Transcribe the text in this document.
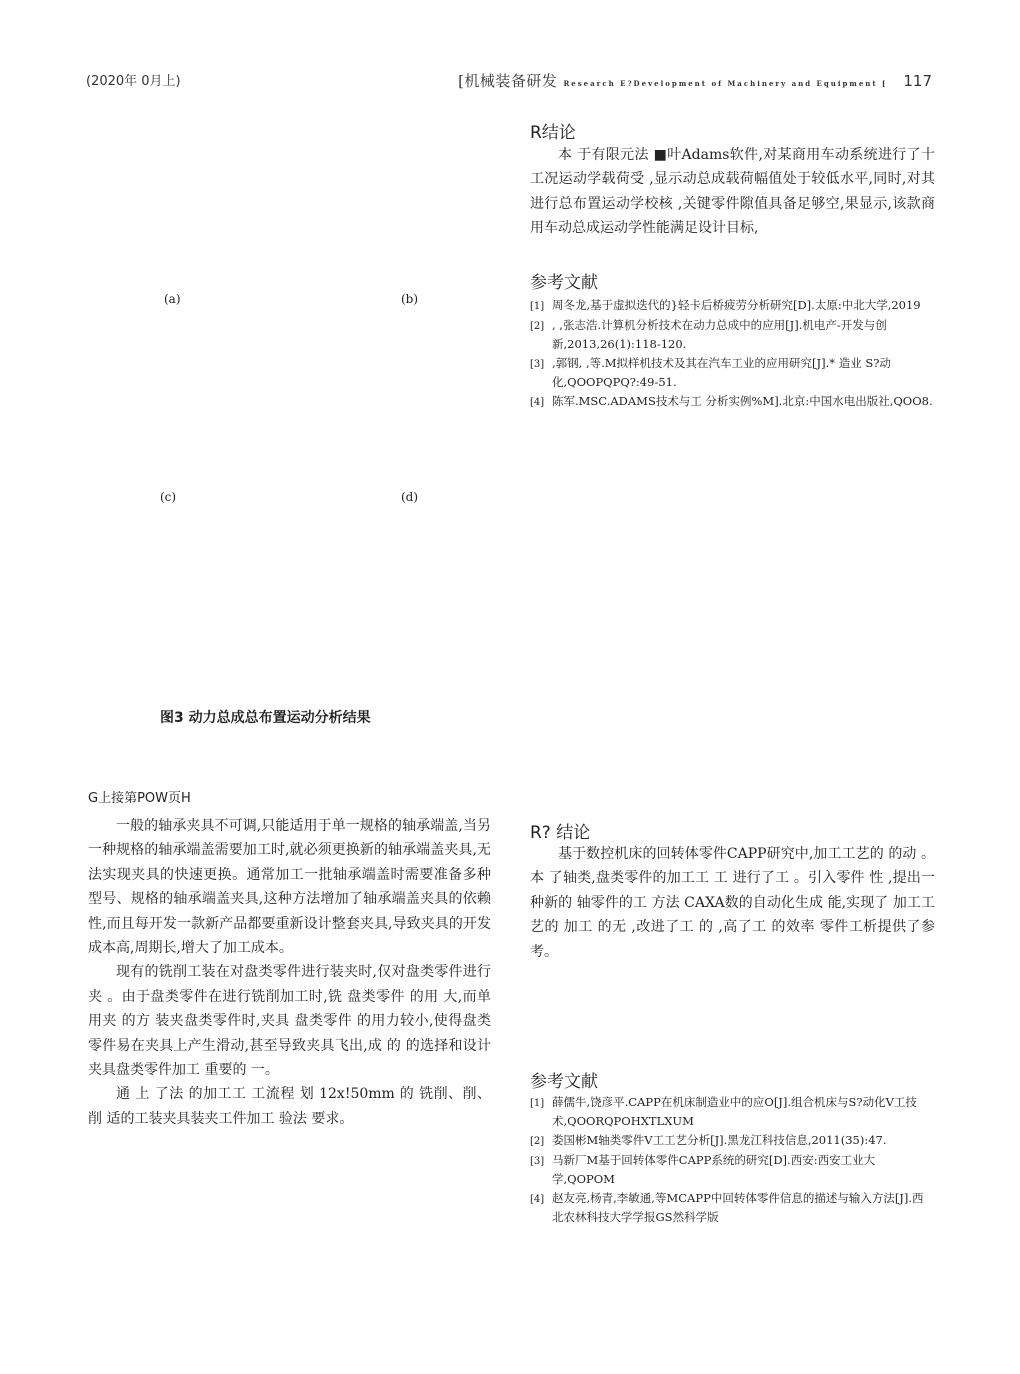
(2020年 0月上)	[机械装备研发 Research E?Development of Machinery and Equipment [ 117
R结论

本 于有限元法 ■叶Adams软件,对某商用车动系统进行了十工况运动学载荷受 ,显示动总成载荷幅值处于较低水平,同时,对其进行总布置运动学校核 ,关键零件隙值具备足够空,果显示,该款商用车动总成运动学性能满足设计目标,

参考文献
[1] 周冬龙,基于虚拟迭代的}轻卡后桥疲劳分析研究[D].太原:中北大学,2019
[2] , ,张志浩.计算机分析技术在动力总成中的应用[J].机电产-开发与创新,2013,26(1):118-120.
[3] ,郭钢, ,等.M拟样机技术及其在汽车工业的应用研究[J].* 造业 S?动化,QOOPQPQ?:49-51.
[4] 陈军.MSC.ADAMS技术与工 分析实例%M].北京:中国水电出版社,QOO8.
(a)	(b)
(c)	(d)
图3 动力总成总布置运动分析结果
G上接第POW页H

一般的轴承夹具不可调,只能适用于单一规格的轴承端盖,当另一种规格的轴承端盖需要加工时,就必须更换新的轴承端盖夹具,无法实现夹具的快速更换。通常加工一批轴承端盖时需要准备多种型号、规格的轴承端盖夹具,这种方法增加了轴承端盖夹具的依赖性,而且每开发一款新产品都要重新设计整套夹具,导致夹具的开发成本高,周期长,增大了加工成本。

现有的铣削工装在对盘类零件进行装夹时,仅对盘类零件进行夹 。由于盘类零件在进行铣削加工时,铣 盘类零件 的用 大,而单 用夹 的方 装夹盘类零件时,夹具 盘类零件 的用力较小,使得盘类零件易在夹具上产生滑动,甚至导致夹具飞出,成 的 的选择和设计夹具盘类零件加工 重要的 一。

通 上 了法 的加工工 工流程 划 12x!50mm 的 铣削、削、削 适的工装夹具装夹工件加工 验法 要求。

R? 结论

基于数控机床的回转体零件CAPP研究中,加工工艺的 的动 。本 了轴类,盘类零件的加工工 工 进行了工 。引入零件 性 ,提出一种新的 轴零件的工 方法 CAXA数的自动化生成 能,实现了 加工工艺的 加工 的无 ,改进了工 的 ,高了工 的效率 零件工析提供了参考。

参考文献
[1] 薛儒牛,饶彦平.CAPP在机床制造业中的应O[J].组合机床与S?动化V工技术,QOORQPOHXTLXUM
[2] 娄国彬M轴类零件V工工艺分析[J].黑龙江科技信息,2011(35):47.
[3] 马新厂M基于回转体零件CAPP系统的研究[D].西安:西安工业大学,QOPOM
[4] 赵友亮,杨青,李敏通,等MCAPP中回转体零件信息的描述与输入方法[J].西北农林科技大学学报GS然科学版
